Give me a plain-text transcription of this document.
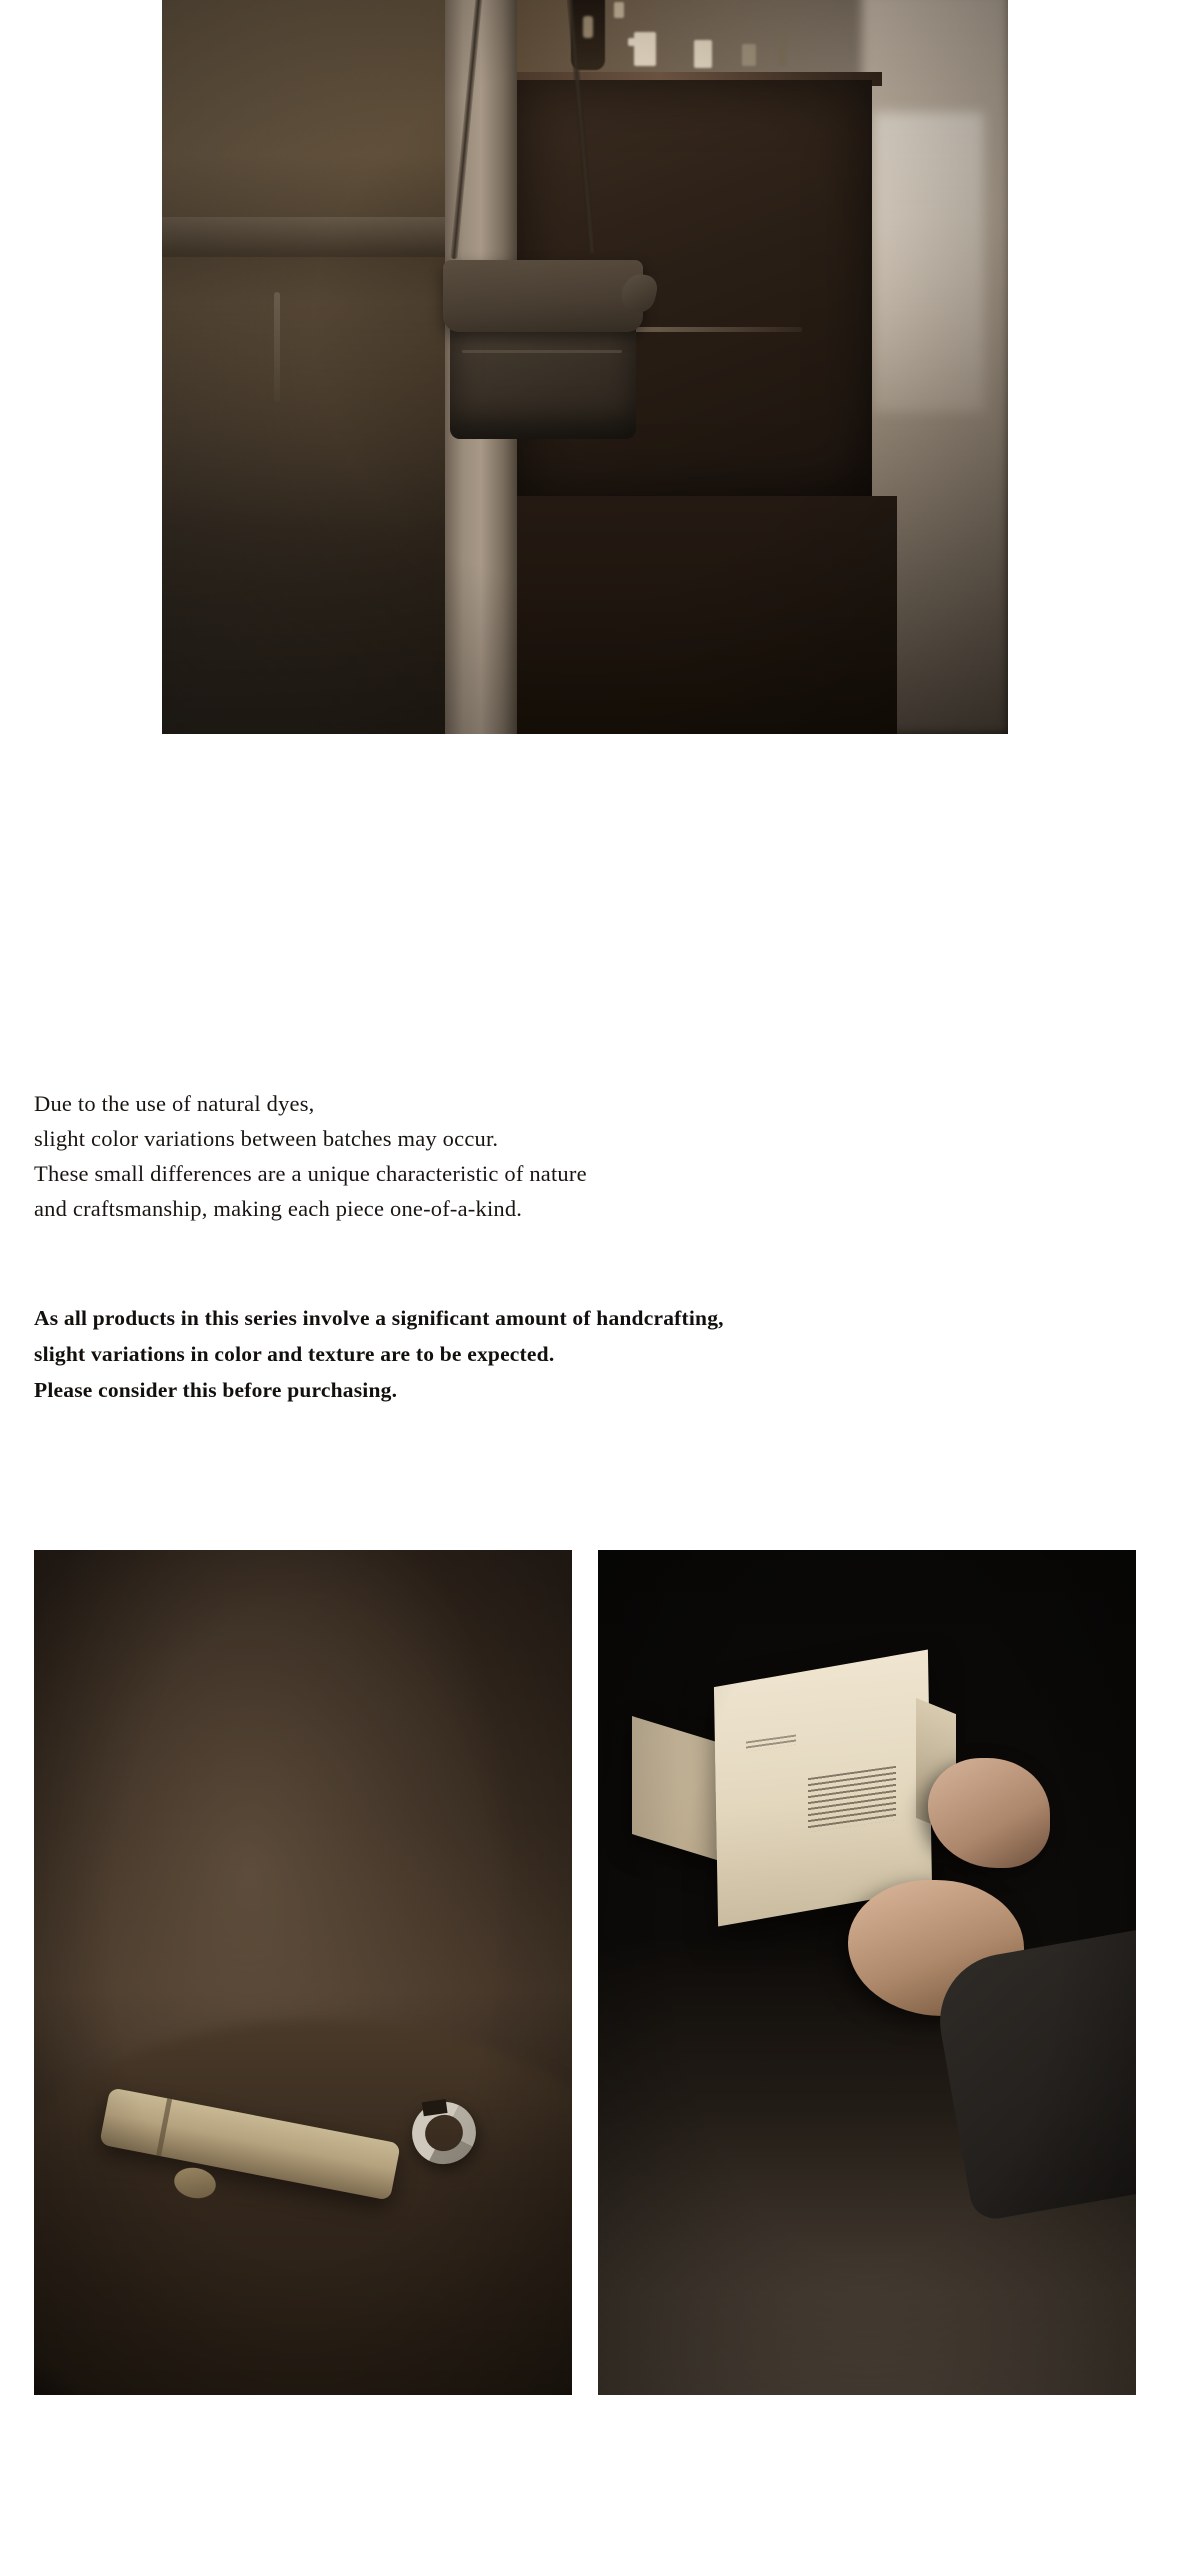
Due to the use of natural dyes,
slight color variations between batches may occur.
These small differences are a unique characteristic of nature
and craftsmanship, making each piece one-of-a-kind.
As all products in this series involve a significant amount of handcrafting,
slight variations in color and texture are to be expected.
Please consider this before purchasing.
